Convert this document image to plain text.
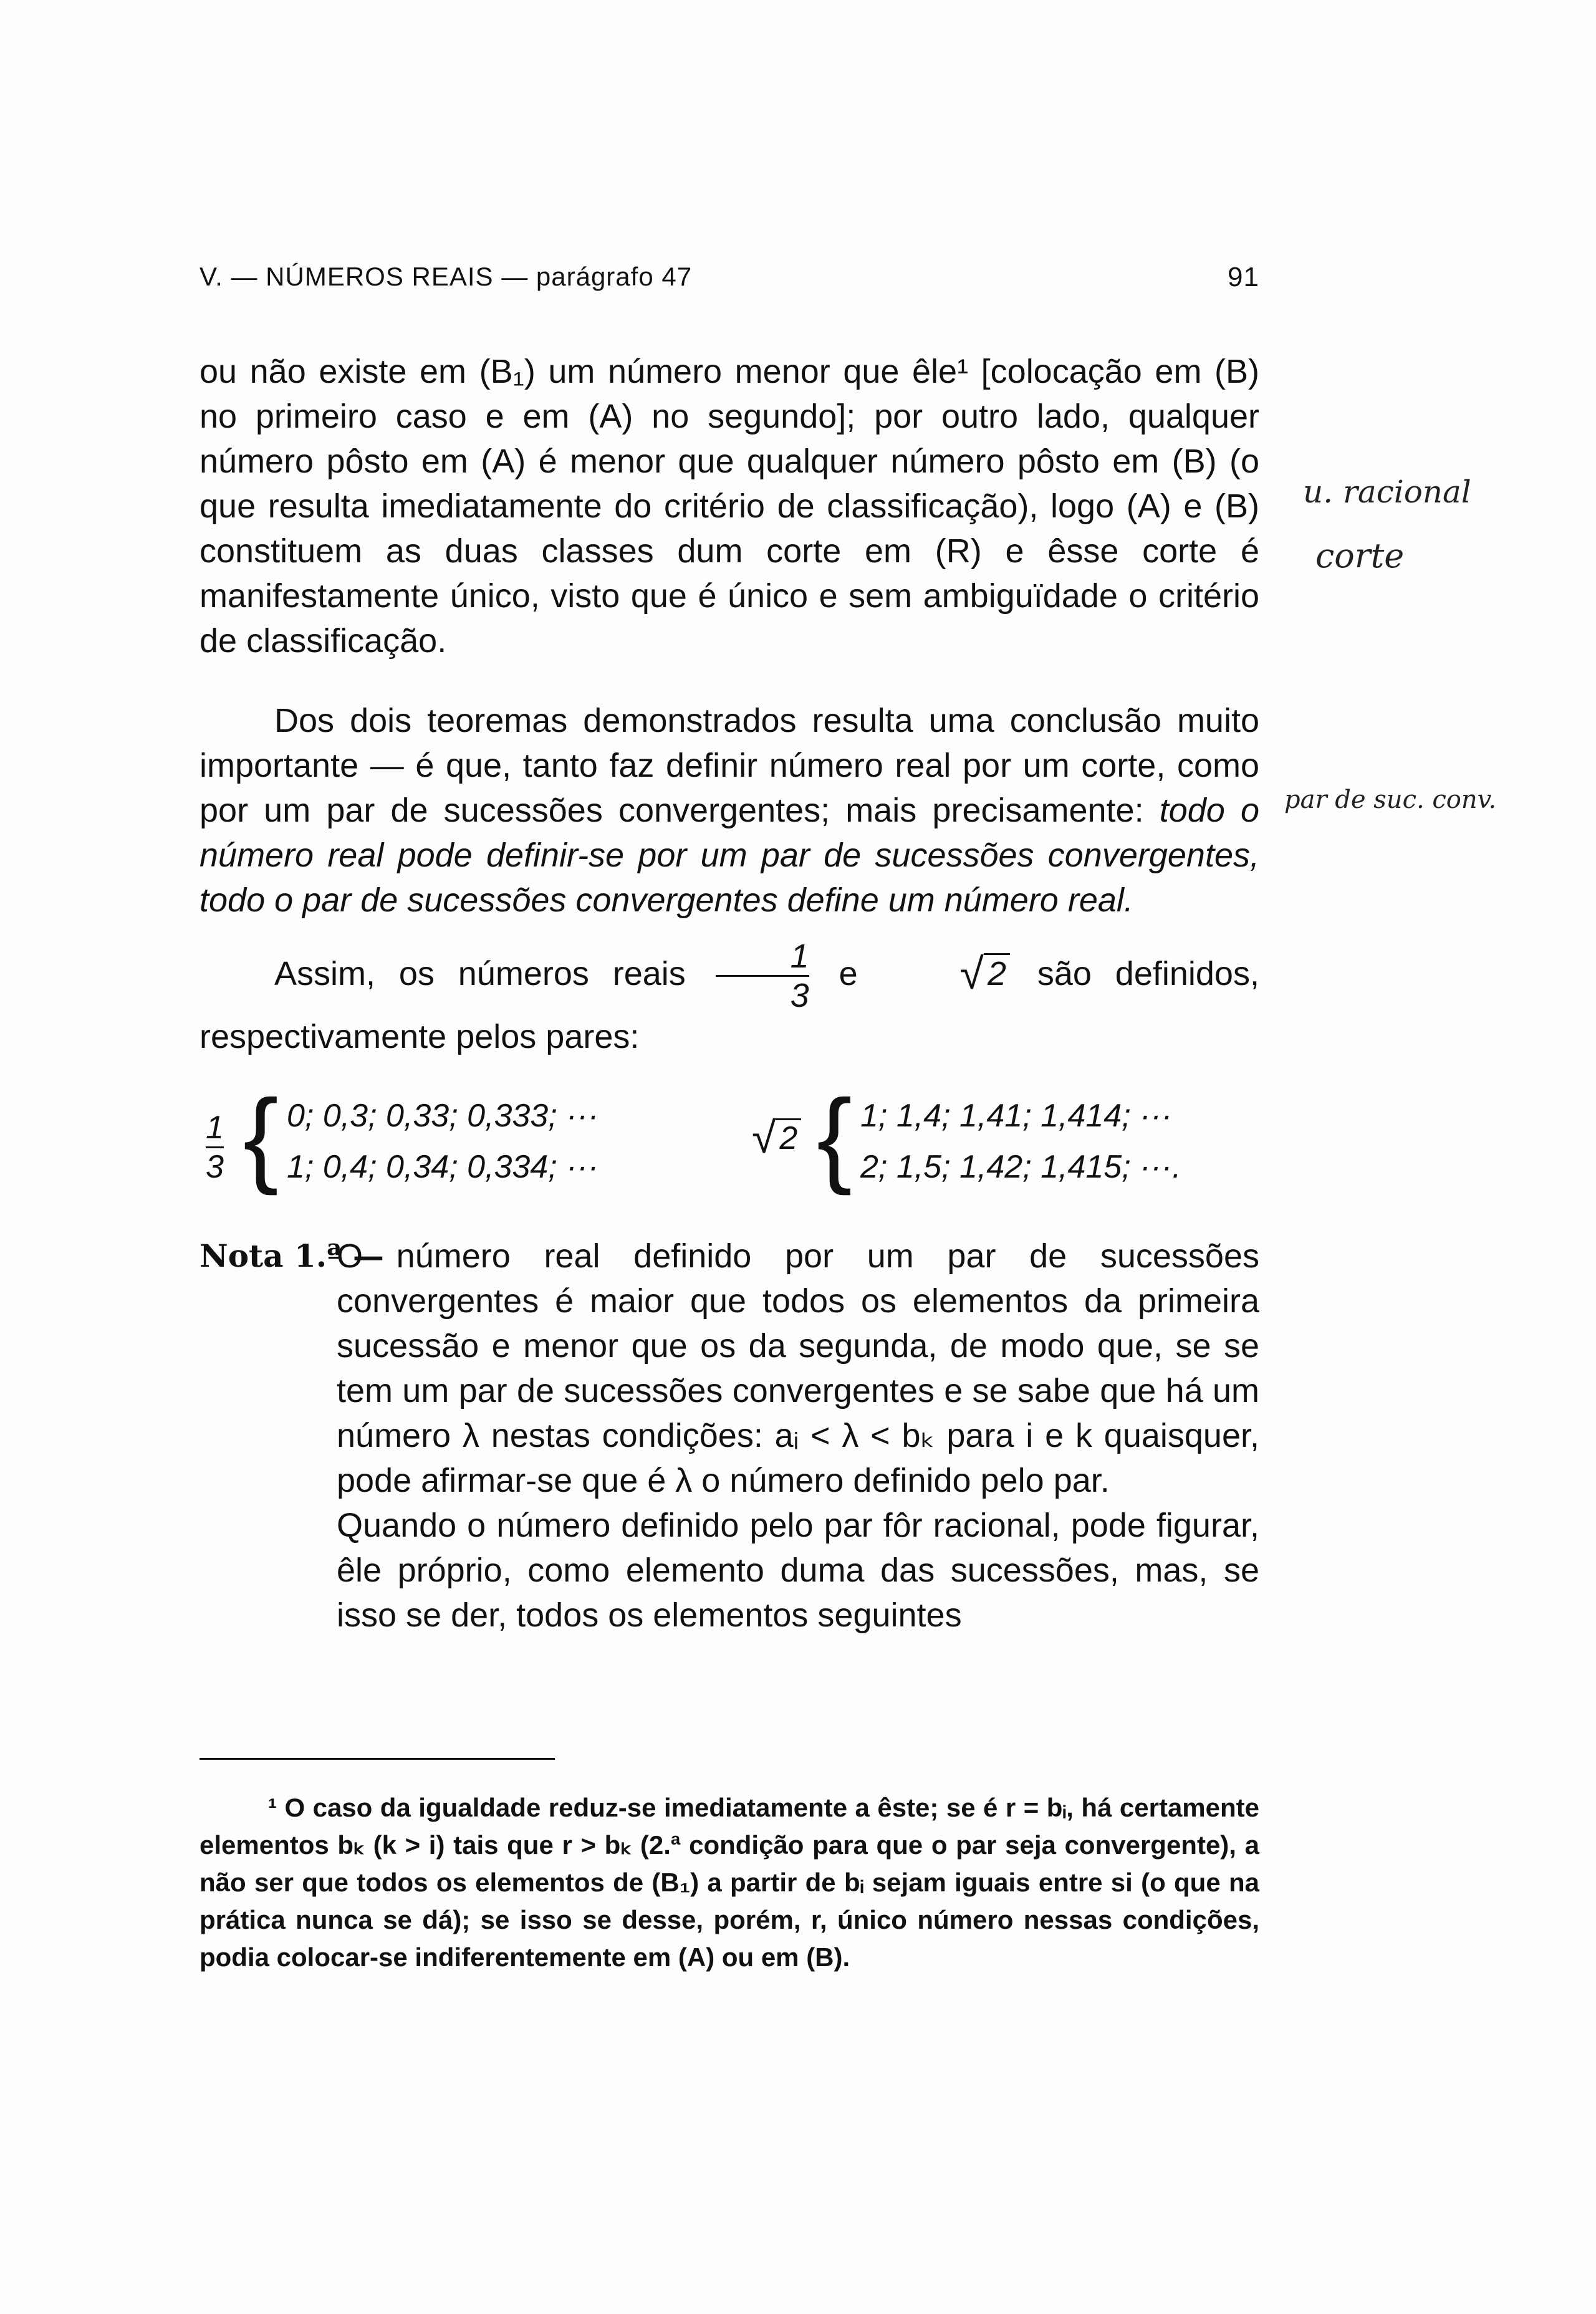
V. — NÚMEROS REAIS — parágrafo 47	91

ou não existe em (B₁) um número menor que êle¹ [colocação em (B) no primeiro caso e em (A) no segundo]; por outro lado, qualquer número pôsto em (A) é menor que qualquer número pôsto em (B) (o que resulta imediatamente do critério de classificação), logo (A) e (B) constituem as duas classes dum corte em (R) e êsse corte é manifestamente único, visto que é único e sem ambiguïdade o critério de classificação.

Dos dois teoremas demonstrados resulta uma conclusão muito importante — é que, tanto faz definir número real por um corte, como por um par de sucessões convergentes; mais precisamente: todo o número real pode definir-se por um par de sucessões convergentes, todo o par de sucessões convergentes define um número real.

Assim, os números reais $\frac{1}{3}$ e √ 2 são definidos, respectivamente pelos pares:

$\frac{1}{3}$ { 0; 0,3; 0,33; 0,333; ···
1; 0,4; 0,34; 0,334; ···
√ 2 { 1; 1,4; 1,41; 1,414; ···
2; 1,5; 1,42; 1,415; ···.
Nota 1.ª —

O número real definido por um par de sucessões convergentes é maior que todos os elementos da primeira sucessão e menor que os da segunda, de modo que, se se tem um par de sucessões convergentes e se sabe que há um número λ nestas condições: aᵢ < λ < bₖ para i e k quaisquer, pode afirmar-se que é λ o número definido pelo par.

Quando o número definido pelo par fôr racional, pode figurar, êle próprio, como elemento duma das sucessões, mas, se isso se der, todos os elementos seguintes

¹ O caso da igualdade reduz-se imediatamente a êste; se é r = bᵢ, há certamente elementos bₖ (k > i) tais que r > bₖ (2.ª condição para que o par seja convergente), a não ser que todos os elementos de (B₁) a partir de bᵢ sejam iguais entre si (o que na prática nunca se dá); se isso se desse, porém, r, único número nessas condições, podia colocar-se indiferentemente em (A) ou em (B).

u. racional
corte
par de suc. conv.
